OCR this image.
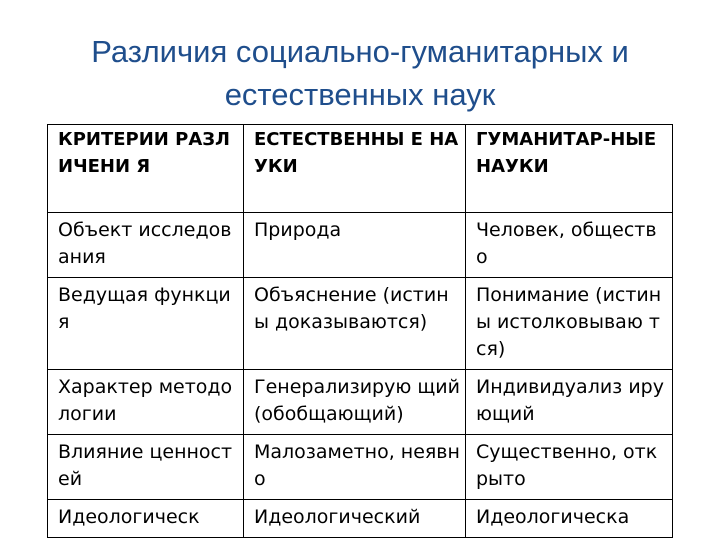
Различия социально-гуманитарных и
естественных наук
КРИТЕРИИ РАЗЛИЧЕНИ Я	ЕСТЕСТВЕННЫ Е НАУКИ	ГУМАНИТАР-НЫЕ НАУКИ
Объект исследования	Природа	Человек, общество
Ведущая функция	Объяснение (истины доказываются)	Понимание (истины истолковываю тся)
Характер методологии	Генерализирую щий (обобщающий)	Индивидуализ ирующий
Влияние ценностей	Малозаметно, неявно	Существенно, открыто
Идеологическ	Идеологический	Идеологическа
